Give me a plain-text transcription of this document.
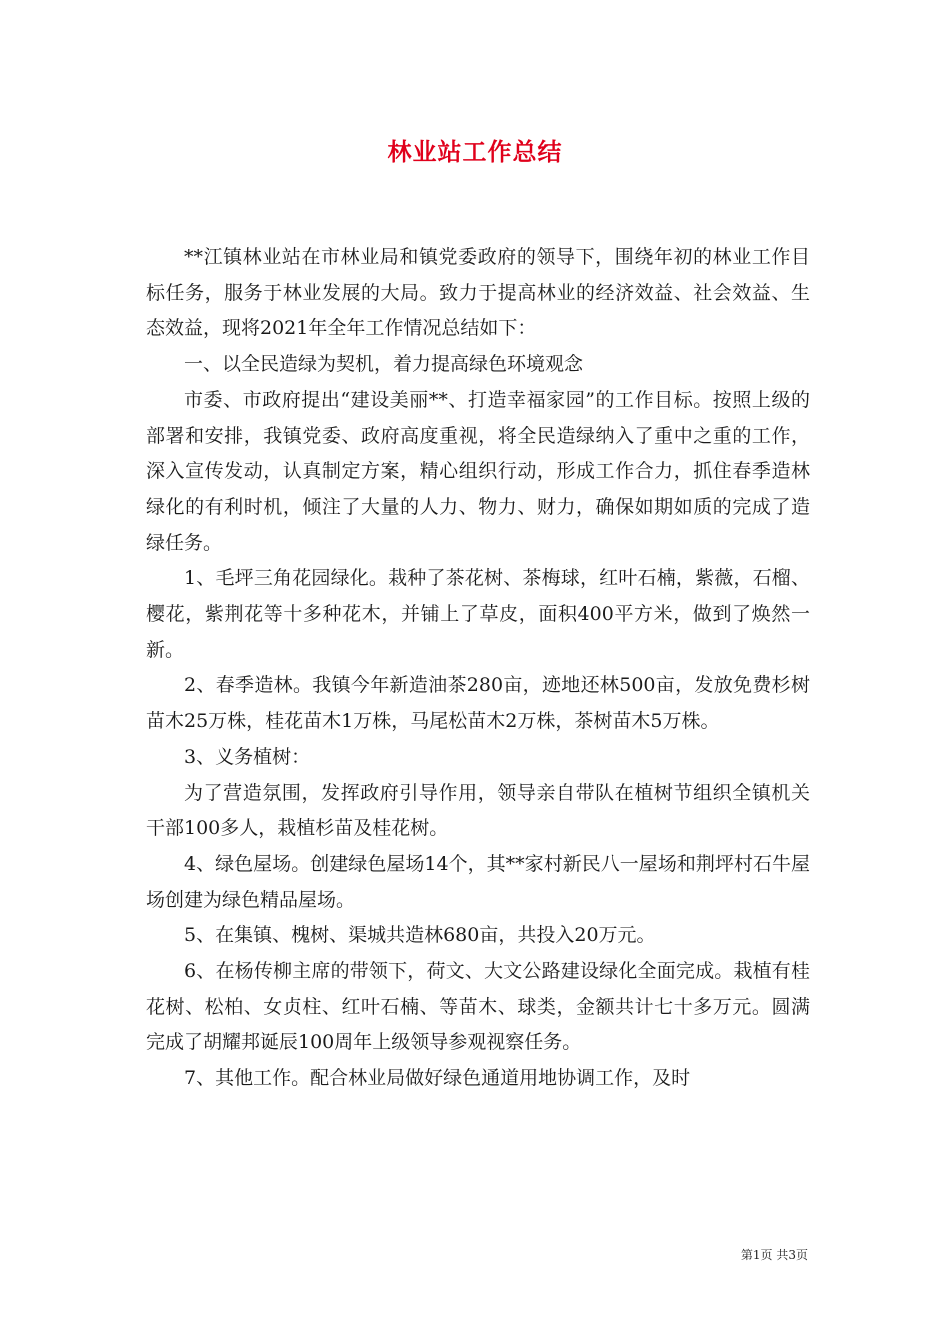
林业站工作总结

**江镇林业站在市林业局和镇党委政府的领导下，围绕年初的林业工作目标任务，服务于林业发展的大局。致力于提高林业的经济效益、社会效益、生态效益，现将2021年全年工作情况总结如下：

一、以全民造绿为契机，着力提高绿色环境观念

市委、市政府提出“建设美丽**、打造幸福家园”的工作目标。按照上级的部署和安排，我镇党委、政府高度重视，将全民造绿纳入了重中之重的工作，深入宣传发动，认真制定方案，精心组织行动，形成工作合力，抓住春季造林绿化的有利时机，倾注了大量的人力、物力、财力，确保如期如质的完成了造绿任务。

1、毛坪三角花园绿化。栽种了茶花树、茶梅球，红叶石楠，紫薇，石榴、樱花，紫荆花等十多种花木，并铺上了草皮，面积400平方米，做到了焕然一新。

2、春季造林。我镇今年新造油茶280亩，迹地还林500亩，发放免费杉树苗木25万株，桂花苗木1万株，马尾松苗木2万株，茶树苗木5万株。

3、义务植树：

为了营造氛围，发挥政府引导作用，领导亲自带队在植树节组织全镇机关干部100多人，栽植杉苗及桂花树。

4、绿色屋场。创建绿色屋场14个，其**家村新民八一屋场和荆坪村石牛屋场创建为绿色精品屋场。

5、在集镇、槐树、渠城共造林680亩，共投入20万元。

6、在杨传柳主席的带领下，荷文、大文公路建设绿化全面完成。栽植有桂花树、松柏、女贞柱、红叶石楠、等苗木、球类，金额共计七十多万元。圆满完成了胡耀邦诞辰100周年上级领导参观视察任务。

7、其他工作。配合林业局做好绿色通道用地协调工作，及时

第1页 共3页
